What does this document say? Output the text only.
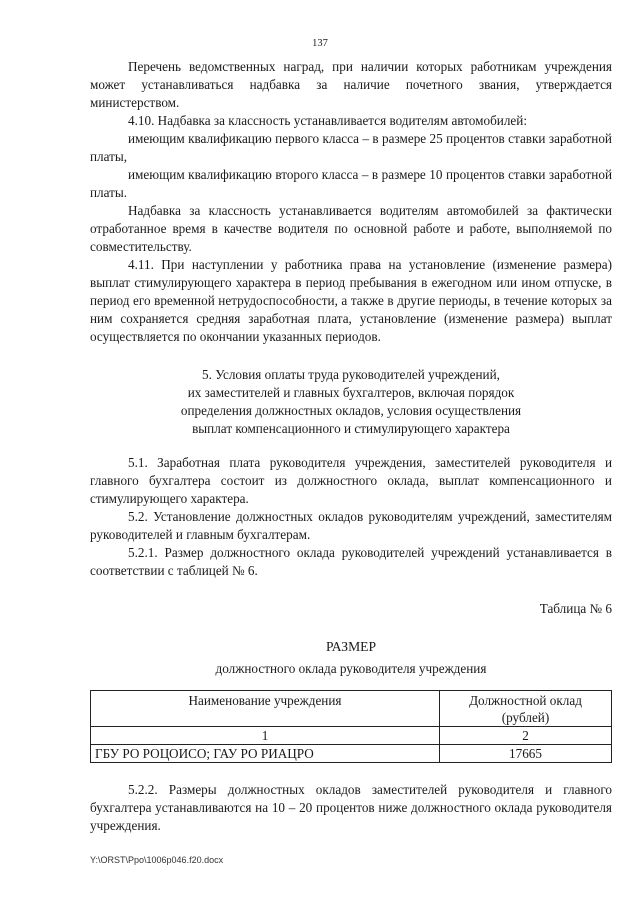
137

Перечень ведомственных наград, при наличии которых работникам учреждения может устанавливаться надбавка за наличие почетного звания, утверждается министерством.

4.10. Надбавка за классность устанавливается водителям автомобилей:

имеющим квалификацию первого класса – в размере 25 процентов ставки заработной платы,

имеющим квалификацию второго класса – в размере 10 процентов ставки заработной платы.

Надбавка за классность устанавливается водителям автомобилей за фактически отработанное время в качестве водителя по основной работе и работе, выполняемой по совместительству.

4.11. При наступлении у работника права на установление (изменение размера) выплат стимулирующего характера в период пребывания в ежегодном или ином отпуске, в период его временной нетрудоспособности, а также в другие периоды, в течение которых за ним сохраняется средняя заработная плата, установление (изменение размера) выплат осуществляется по окончании указанных периодов.

5. Условия оплаты труда руководителей учреждений,
их заместителей и главных бухгалтеров, включая порядок
определения должностных окладов, условия осуществления
выплат компенсационного и стимулирующего характера

5.1. Заработная плата руководителя учреждения, заместителей руководителя и главного бухгалтера состоит из должностного оклада, выплат компенсационного и стимулирующего характера.

5.2. Установление должностных окладов руководителям учреждений, заместителям руководителей и главным бухгалтерам.

5.2.1. Размер должностного оклада руководителей учреждений устанавливается в соответствии с таблицей № 6.

Таблица № 6
РАЗМЕР
должностного оклада руководителя учреждения
Наименование учреждения	Должностной оклад (рублей)
1	2
ГБУ РО РОЦОИСО; ГАУ РО РИАЦРО	17665

5.2.2. Размеры должностных окладов заместителей руководителя и главного бухгалтера устанавливаются на 10 – 20 процентов ниже должностного оклада руководителя учреждения.

Y:\ORST\Ppo\1006p046.f20.docx
